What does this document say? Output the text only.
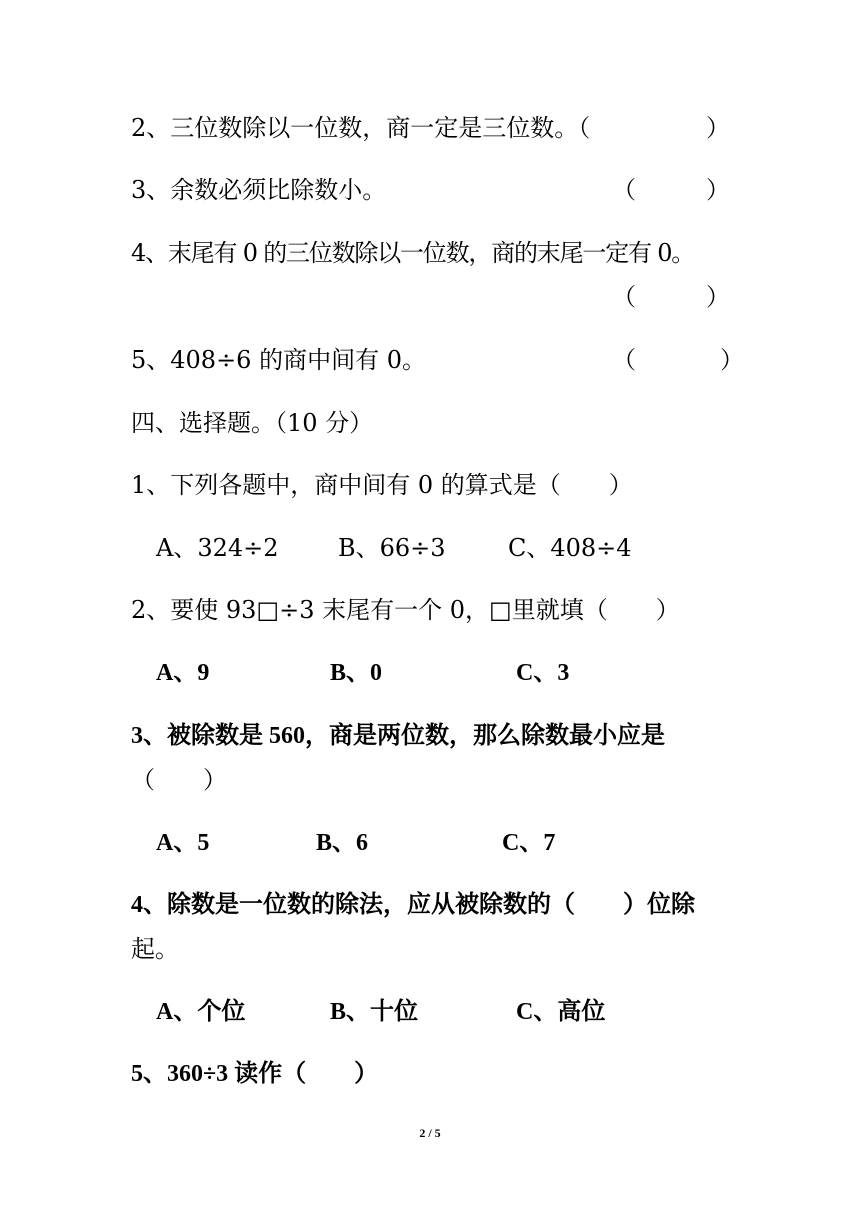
2、三位数除以一位数，商一定是三位数。（	）
3、余数必须比除数小。	（	）
4、末尾有 0 的三位数除以一位数，商的末尾一定有 0。
（	）
5、408÷6 的商中间有 0。	（	）
四、选择题。（10 分）
1、下列各题中，商中间有 0 的算式是（　　）
A、324÷2 B、66÷3	C、408÷4
2、要使 93□÷3 末尾有一个 0，□里就填（　　）
A、9	B、0	C、3
3、被除数是 560，商是两位数，那么除数最小应是
（　　）
A、5	B、6	C、7
4、除数是一位数的除法，应从被除数的（　　）位除
起。
A、个位	B、十位	C、高位
5、360÷3 读作（　　）
2 / 5
